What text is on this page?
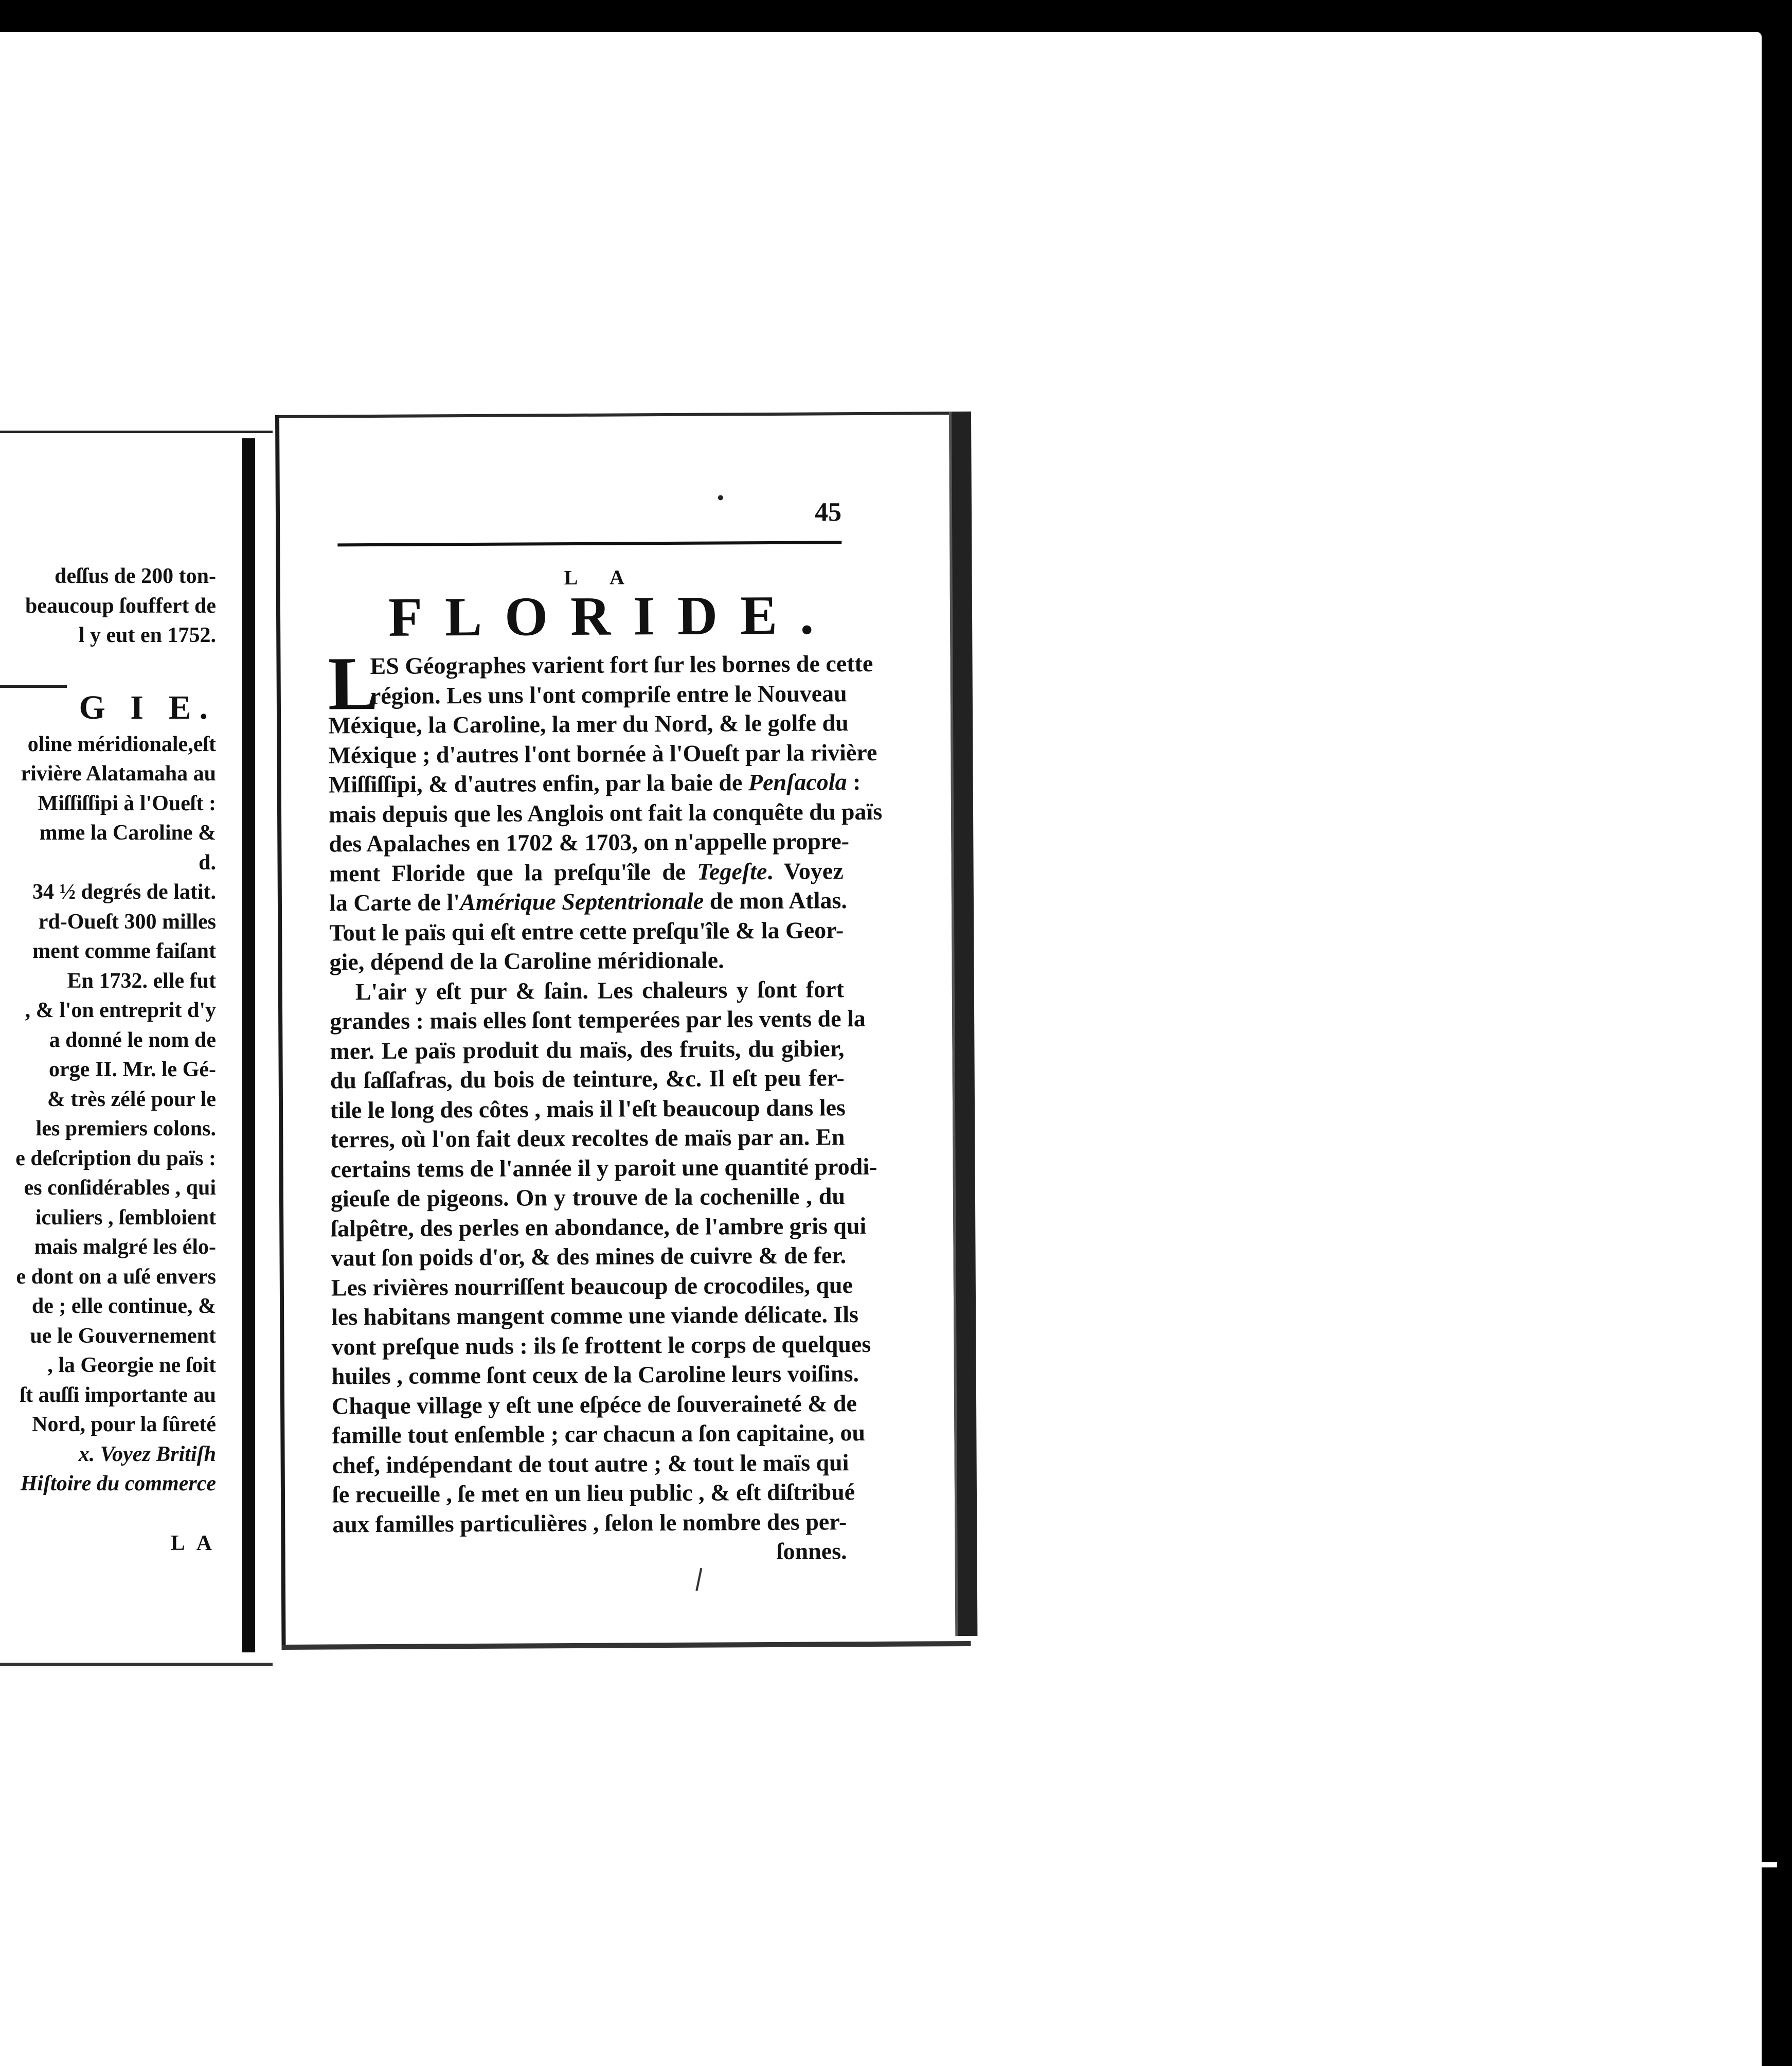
deſſus de 200 ton-
beaucoup ſouffert de
l y eut en 1752.
G I E.
oline méridionale,eſt
rivière Alatamaha au
Miſſiſſipi à l'Oueſt :
mme la Caroline &
d.
34 ½ degrés de latit.
rd-Oueſt 300 milles
ment comme faiſant
En 1732. elle fut
, & l'on entreprit d'y
a donné le nom de
orge II. Mr. le Gé-
& très zélé pour le
les premiers colons.
e deſcription du païs :
es conſidérables , qui
iculiers , ſembloient
mais malgré les élo-
e dont on a uſé envers
de ; elle continue, &
ue le Gouvernement
, la Georgie ne ſoit
ſt auſſi importante au
Nord, pour la ſûreté
x. Voyez Britiſh
Hiſtoire du commerce
L A
45
L A
FLORIDE.
L
ES Géographes varient fort ſur les bornes de cette
région. Les uns l'ont compriſe entre le Nouveau
Méxique, la Caroline, la mer du Nord, & le golfe du
Méxique ; d'autres l'ont bornée à l'Oueſt par la rivière
Miſſiſſipi, & d'autres enfin, par la baie de Penſacola :
mais depuis que les Anglois ont fait la conquête du païs
des Apalaches en 1702 & 1703, on n'appelle propre-
ment Floride que la preſqu'île de Tegeſte. Voyez
la Carte de l'Amérique Septentrionale de mon Atlas.
Tout le païs qui eſt entre cette preſqu'île & la Geor-
gie, dépend de la Caroline méridionale.
L'air y eſt pur & ſain. Les chaleurs y ſont fort
grandes : mais elles ſont temperées par les vents de la
mer. Le païs produit du maïs, des fruits, du gibier,
du ſaſſafras, du bois de teinture, &c. Il eſt peu fer-
tile le long des côtes , mais il l'eſt beaucoup dans les
terres, où l'on fait deux recoltes de maïs par an. En
certains tems de l'année il y paroit une quantité prodi-
gieuſe de pigeons. On y trouve de la cochenille , du
ſalpêtre, des perles en abondance, de l'ambre gris qui
vaut ſon poids d'or, & des mines de cuivre & de fer.
Les rivières nourriſſent beaucoup de crocodiles, que
les habitans mangent comme une viande délicate. Ils
vont preſque nuds : ils ſe frottent le corps de quelques
huiles , comme ſont ceux de la Caroline leurs voiſins.
Chaque village y eſt une eſpéce de ſouveraineté & de
famille tout enſemble ; car chacun a ſon capitaine, ou
chef, indépendant de tout autre ; & tout le maïs qui
ſe recueille , ſe met en un lieu public , & eſt diſtribué
aux familles particulières , ſelon le nombre des per-
ſonnes.
